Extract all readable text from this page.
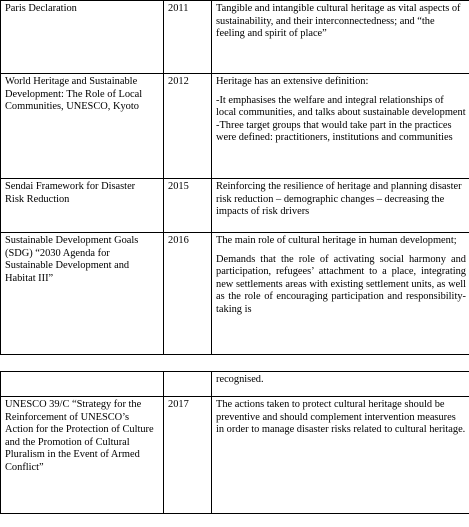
Paris Declaration	2011	Tangible and intangible cultural heritage as vital aspects of sustainability, and their interconnectedness; and “the feeling and spirit of place”

World Heritage and Sustainable Development: The Role of Local Communities, UNESCO, Kyoto	2012	Heritage has an extensive definition:
-It emphasises the welfare and integral relationships of local communities, and talks about sustainable development
-Three target groups that would take part in the practices were defined: practitioners, institutions and communities

Sendai Framework for Disaster Risk Reduction	2015	Reinforcing the resilience of heritage and planning disaster risk reduction – demographic changes – decreasing the impacts of risk drivers

Sustainable Development Goals (SDG) “2030 Agenda for Sustainable Development and Habitat III”	2016	The main role of cultural heritage in human development;
Demands that the role of activating social harmony and participation, refugees’ attachment to a place, integrating new settlements areas with existing settlement units, as well as the role of encouraging participation and responsibility-taking is

		recognised.

UNESCO 39/C “Strategy for the Reinforcement of UNESCO’s Action for the Protection of Culture and the Promotion of Cultural Pluralism in the Event of Armed Conflict”	2017	The actions taken to protect cultural heritage should be preventive and should complement intervention measures in order to manage disaster risks related to cultural heritage.
